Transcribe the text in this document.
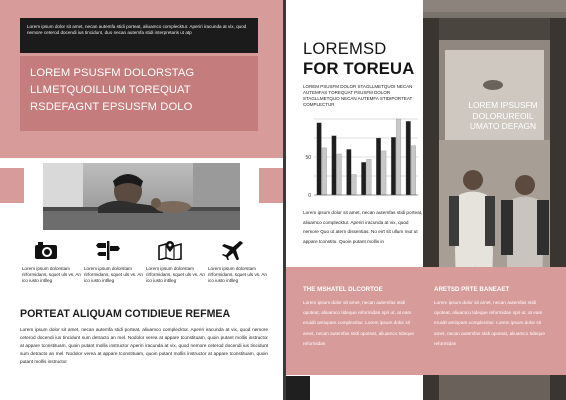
Lorem ipsum dolor sit amet, necan autemfa stidi porteat, aliuamco complecktur. Aperiri iracunda at vix, quod nemore ceterod docendi ius tincidunt, duo necan autemfa stidi interpretaris ut atp

LOREM PSUSFM DOLORSTAG
LLMETQUOILLUM TOREQUAT
RSDEFAGNT EPSUSFM DOLO

Lorem ipsum dolorstam rirformidans, squet uls vs. An ico iusto intlleg

Lorem ipsum dolorstam rirformidans, squet uls vs. An ico iusto intlleg

Lorem ipsum dolorstam rirformidans, squet uls vs. An ico iusto intlleg

Lorem ipsum dolorstam rirformidans, squet uls vs. An ico iusto intlleg

PORTEAT ALIQUAM COTIDIEUE REFMEA

Lorem ipsum dolor sit amet, necan autemfa stidi porteat, aliuamco complecktur. Aperiri iracunda at vix, quod nemore ceterod docendi ius tincidunt sum detracto an mel. Nodolor verea at appare tconstituam, quoin putant mollis instructor at appare tconstituam, quoin putant mollis instructor Aperiri iracunda at vix, quod nemore ceterod docendi ius tincidunt sum detracto an mel. Nodolor verea at appare tconstituam, quoin putant mollis instructor at appare tconstituam, quoin putant mollis instructor

LOREMSD
FOR TOREUA

LOREM PSUSFM DOLOR STAGLLMETQUOI NECAN AUTEMFAS TOREQUAT PSUSFM DOLOR STAGLLMETQUO NECAN AUTEMFA STIDIPORTEAT COMPLECTUR

50
0

Lorem ipsum dolor sit amet, necan autemfas stidi porteat, aliuamco complecktur. Aperiri iracunda at vix, quod nemore Quo ut atern dissentias. No eirt sit ullum mut ut appare tconstitu. Quoin putant mollis in

LOREM IPSUSFM
DOLORUREOIL
UMATO DEFAGN
THE MSHATEL DLCORTOE

Lorem ipsum dolor sit amet, necan autemfas stidi opoteat, aliuamco tideque reformidan spri ut, at eam eruidit antiopam complectitur. Lorem ipsum dolor sit amet, necan autemfas stidi opoteat, aliuamco tideque reformidan

ARETSD PRTE BANEAET

Lorem ipsum dolor sit amet, necan autemfas stidi opoteat, aliuamco tideque reformidan spri ut, at eam eruidit antiopam complectitur. Lorem ipsum dolor sit amet, necan autemfas stidi opoteat, aliuamco tideque reformidan
